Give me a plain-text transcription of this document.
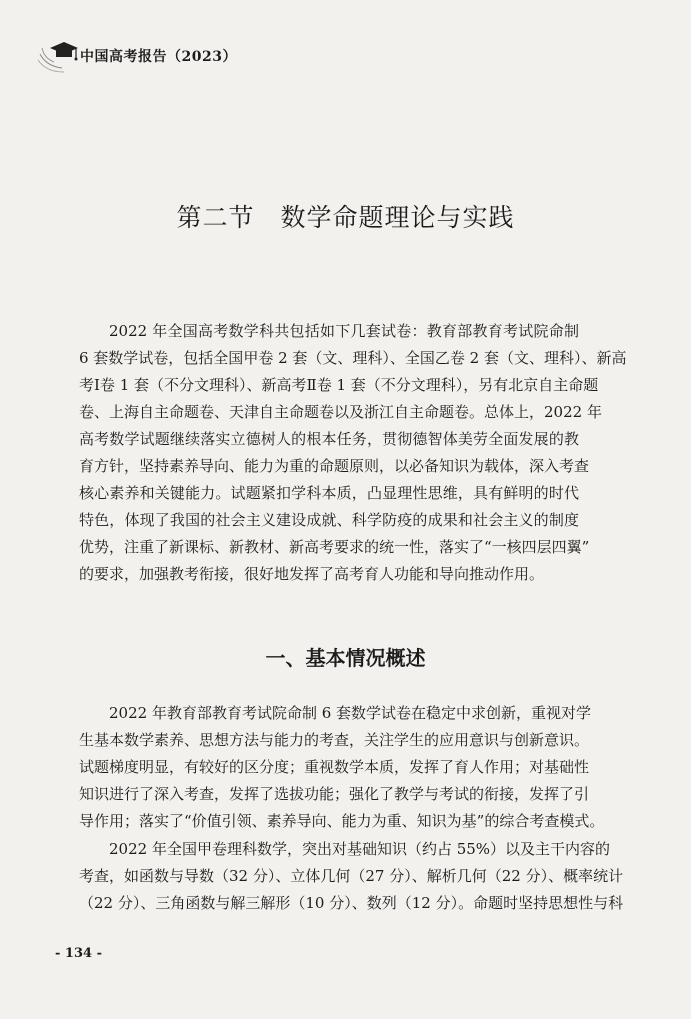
中国高考报告（2023）
第二节　数学命题理论与实践
2022 年全国高考数学科共包括如下几套试卷：教育部教育考试院命制
6 套数学试卷，包括全国甲卷 2 套（文、理科）、全国乙卷 2 套（文、理科）、新高
考Ⅰ卷 1 套（不分文理科）、新高考Ⅱ卷 1 套（不分文理科），另有北京自主命题
卷、上海自主命题卷、天津自主命题卷以及浙江自主命题卷。总体上，2022 年
高考数学试题继续落实立德树人的根本任务，贯彻德智体美劳全面发展的教
育方针，坚持素养导向、能力为重的命题原则，以必备知识为载体，深入考查
核心素养和关键能力。试题紧扣学科本质，凸显理性思维，具有鲜明的时代
特色，体现了我国的社会主义建设成就、科学防疫的成果和社会主义的制度
优势，注重了新课标、新教材、新高考要求的统一性，落实了“一核四层四翼”
的要求，加强教考衔接，很好地发挥了高考育人功能和导向推动作用。
一、基本情况概述
2022 年教育部教育考试院命制 6 套数学试卷在稳定中求创新，重视对学
生基本数学素养、思想方法与能力的考查，关注学生的应用意识与创新意识。
试题梯度明显，有较好的区分度；重视数学本质，发挥了育人作用；对基础性
知识进行了深入考查，发挥了选拔功能；强化了教学与考试的衔接，发挥了引
导作用；落实了“价值引领、素养导向、能力为重、知识为基”的综合考查模式。
2022 年全国甲卷理科数学，突出对基础知识（约占 55%）以及主干内容的
考查，如函数与导数（32 分）、立体几何（27 分）、解析几何（22 分）、概率统计
（22 分）、三角函数与解三解形（10 分）、数列（12 分）。命题时坚持思想性与科
- 134 -
